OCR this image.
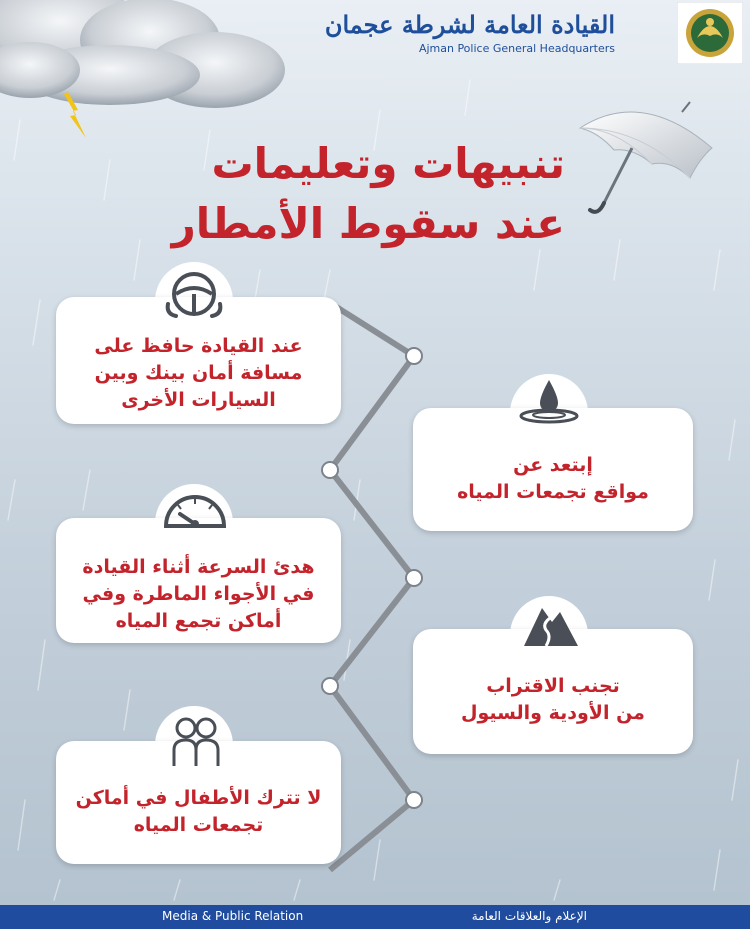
القيادة العامة لشرطة عجمان
Ajman Police General Headquarters
تنبيهات وتعليمات
عند سقوط الأمطار
عند القيادة حافظ على
مسافة أمان بينك وبين
السيارات الأخرى
إبتعد عن
مواقع تجمعات المياه
هدئ السرعة أثناء القيادة
في الأجواء الماطرة وفي
أماكن تجمع المياه
تجنب الاقتراب
من الأودية والسيول
لا تترك الأطفال في أماكن
تجمعات المياه
Media & Public Relation	الإعلام والعلاقات العامة
